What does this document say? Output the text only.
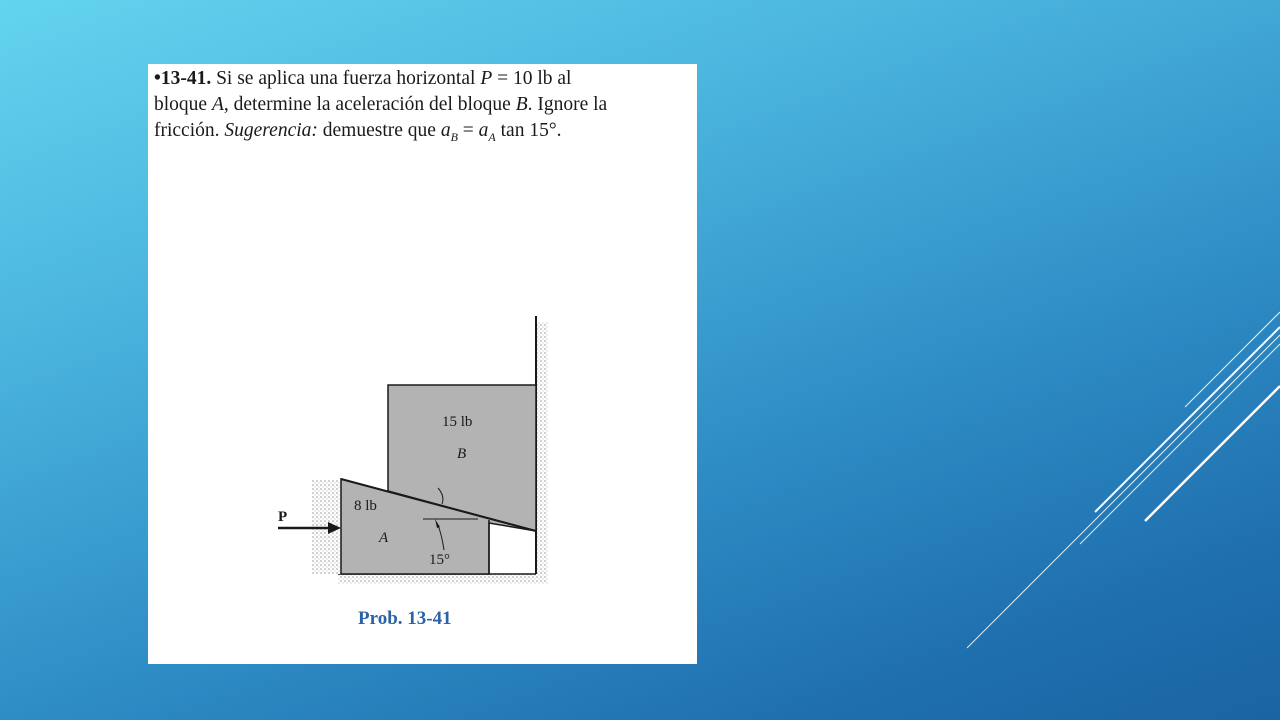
•13-41. Si se aplica una fuerza horizontal P = 10 lb al

bloque A, determine la aceleración del bloque B. Ignore la

fricción. Sugerencia: demuestre que $a_B = a_A$ tan 15°.

P
8 lb
A
15 lb
B
15°
Prob. 13-41
